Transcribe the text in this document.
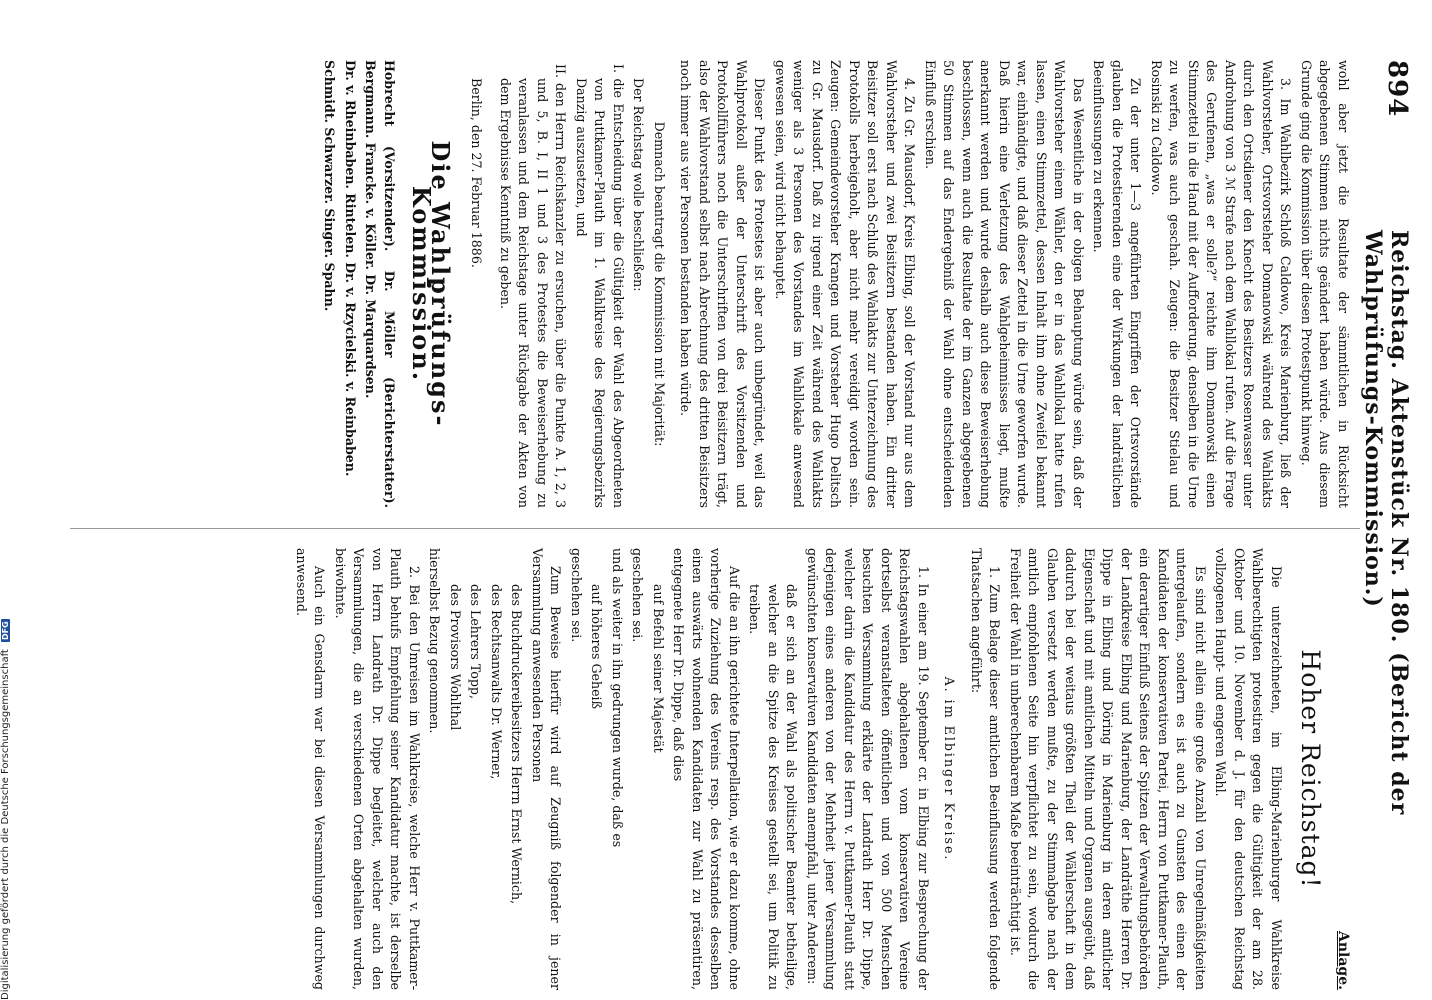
894
Reichstag. Aktenstück Nr. 180. (Bericht der Wahlprüfungs-Kommission.)

wohl aber jetzt die Resultate der sämmtlichen in Rücksicht abgegebenen Stimmen nichts geändert haben würde. Aus diesem Grunde ging die Kommission über diesen Protestpunkt hinweg.

3. Im Wahlbezirk Schloß Caldowo, Kreis Marienburg, ließ der Wahlvorsteher, Ortsvorsteher Domanowski während des Wahlakts durch den Ortsdiener den Knecht des Besitzers Rosenwasser unter Androhung von 3 ℳ Strafe nach dem Wahllokal rufen. Auf die Frage des Gerufenen, „was er solle?“ reichte ihm Domanowski einen Stimmzettel in die Hand mit der Aufforderung, denselben in die Urne zu werfen, was auch geschah. Zeugen: die Besitzer Stielau und Rosinski zu Caldowo.

Zu der unter 1—3 angeführten Eingriffen der Ortsvorstände glauben die Protestierenden eine der Wirkungen der landrätlichen Beeinflussungen zu erkennen.

Das Wesentliche in der obigen Behauptung würde sein, daß der Wahlvorsteher einem Wähler, den er in das Wahllokal hatte rufen lassen, einen Stimmzettel, dessen Inhalt ihm ohne Zweifel bekannt war, einhändigte, und daß dieser Zettel in die Urne geworfen wurde. Daß hierin eine Verletzung des Wahlgeheimnisses liegt, mußte anerkannt werden und wurde deshalb auch diese Beweiserhebung beschlossen, wenn auch die Resultate der im Ganzen abgegebenen 50 Stimmen auf das Endergebniß der Wahl ohne entscheidenden Einfluß erschien.

4. Zu Gr. Mausdorf, Kreis Elbing, soll der Vorstand nur aus dem Wahlvorsteher und zwei Beisitzern bestanden haben. Ein dritter Beisitzer soll erst nach Schluß des Wahlakts zur Unterzeichnung des Protokolls herbeigeholt, aber nicht mehr vereidigt worden sein. Zeugen: Gemeindevorsteher Krangen und Vorsteher Hugo Delitsch zu Gr. Mausdorf. Daß zu irgend einer Zeit während des Wahlakts weniger als 3 Personen des Vorstandes im Wahllokale anwesend gewesen seien, wird nicht behauptet.

Dieser Punkt des Protestes ist aber auch unbegründet, weil das Wahlprotokoll außer der Unterschrift des Vorsitzenden und Protokollführers noch die Unterschriften von drei Beisitzern trägt, also der Wahlvorstand selbst nach Abrechnung des dritten Beisitzers noch immer aus vier Personen bestanden haben würde.

Demnach beantragt die Kommission mit Majorität:

Der Reichstag wolle beschließen:

I. die Entscheidung über die Gültigkeit der Wahl des Abgeordneten von Puttkamer-Plauth im 1. Wahlkreise des Regierungsbezirks Danzig auszusetzen, und

II. den Herrn Reichskanzler zu ersuchen, über die Punkte A. 1, 2, 3 und 5, B. I, II 1 und 3 des Protestes die Beweiserhebung zu veranlassen und dem Reichstage unter Rückgabe der Akten von dem Ergebnisse Kenntniß zu geben.

Berlin, den 27. Februar 1886.

Die Wahlprüfungs-Kommission.

Hobrecht (Vorsitzender). Dr. Möller (Berichterstatter). Bergmann. Francke. v. Köller. Dr. Marquardsen.

Dr. v. Rheinbaben. Rintelen. Dr. v. Rzycielski. v. Reinbaben.

Schmidt. Schwarzer. Singer. Spahn.

Anlage.
Hoher Reichstag!

Die unterzeichneten, im Elbing-Marienburger Wahlkreise Wahlberechtigten protestiren gegen die Gültigkeit der am 28. Oktober und 10. November d. J. für den deutschen Reichstag vollzogenen Haupt- und engeren Wahl.

Es sind nicht allein eine große Anzahl von Unregelmäßigkeiten untergelaufen, sondern es ist auch zu Gunsten des einen der Kandidaten der konservativen Partei, Herrn von Puttkamer-Plauth, ein derartiger Einfluß Seitens der Spitzen der Verwaltungsbehörden der Landkreise Elbing und Marienburg, der Landräthe Herren Dr. Dippe in Elbing und Döring in Marienburg in deren amtlicher Eigenschaft und mit amtlichen Mitteln und Organen ausgeübt, daß dadurch bei der weitaus größten Theil der Wählerschaft in dem Glauben versetzt werden mußte, zu der Stimmabgabe nach der amtlich empfohlenen Seite hin verpflichtet zu sein, wodurch die Freiheit der Wahl in unberechenbarem Maße beeinträchtigt ist.

1. Zum Belage dieser amtlichen Beeinflussung werden folgende Thatsachen angeführt:

A. im Elbinger Kreise.

1. In einer am 19. September cr. in Elbing zur Besprechung der Reichstagswahlen abgehaltenen vom konservativen Vereine dortselbst veranstalteten öffentlichen und von 500 Menschen besuchten Versammlung erklärte der Landrath Herr Dr. Dippe, welcher darin die Kandidatur des Herrn v. Puttkamer-Plauth statt derjenigen eines anderen von der Mehrheit jener Versammlung gewünschten konservativen Kandidaten anempfahl, unter Anderem:

daß er sich an der Wahl als politischer Beamter betheilige, welcher an die Spitze des Kreises gestellt sei, um Politik zu treiben.

Auf die an ihn gerichtete Interpellation, wie er dazu komme, ohne vorherige Zuziehung des Vereins resp. des Vorstandes desselben einen auswärts wohnenden Kandidaten zur Wahl zu präsentiren, entgegnete Herr Dr. Dippe, daß dies

auf Befehl seiner Majestät

geschehen sei.

und als weiter in ihn gedrungen wurde, daß es

auf höheres Geheiß

geschehen sei.

Zum Beweise hierfür wird auf Zeugniß folgender in jener Versammlung anwesenden Personen

des Buchdruckereibesitzers Herrn Ernst Wernich,

des Rechtsanwalts Dr. Werner,

des Lehrers Topp,

des Provisors Wohlthal

hierselbst Bezug genommen.

2. Bei den Umreisen im Wahlkreise, welche Herr v. Puttkamer-Plauth behufs Empfehlung seiner Kandidatur machte, ist derselbe von Herrn Landrath Dr. Dippe begleitet, welcher auch den Versammlungen, die an verschiedenen Orten abgehalten wurden, beiwohnte.

Auch ein Gensdarm war bei diesen Versammlungen durchweg anwesend.

Digitalisierung gefördert durch die Deutsche Forschungsgemeinschaft DFG
